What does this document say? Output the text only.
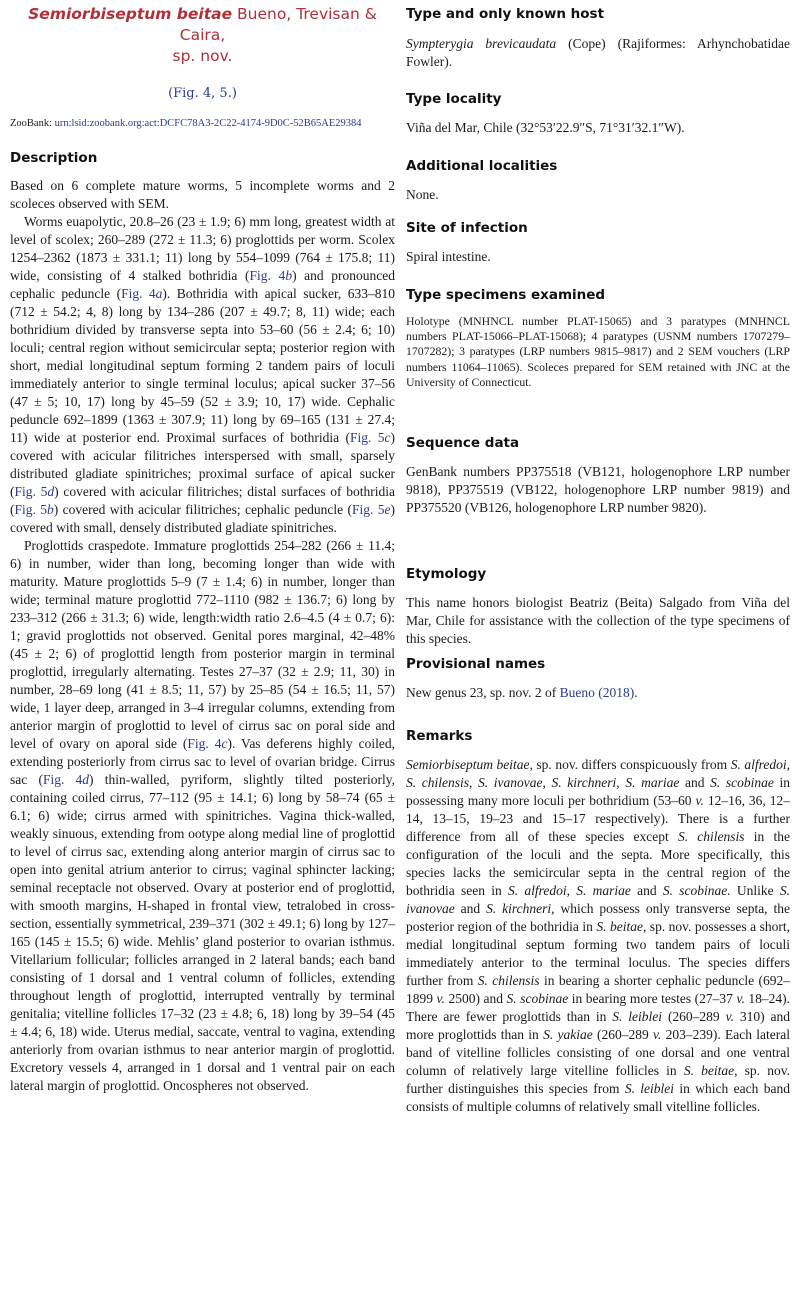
Semiorbiseptum beitae Bueno, Trevisan & Caira,
sp. nov.
(Fig. 4, 5.)
ZooBank: urn:lsid:zoobank.org:act:DCFC78A3-2C22-4174-9D0C-52B65AE29384
Description

Based on 6 complete mature worms, 5 incomplete worms and 2 scoleces observed with SEM.

Worms euapolytic, 20.8–26 (23 ± 1.9; 6) mm long, greatest width at level of scolex; 260–289 (272 ± 11.3; 6) proglottids per worm. Scolex 1254–2362 (1873 ± 331.1; 11) long by 554–1099 (764 ± 175.8; 11) wide, consisting of 4 stalked bothridia (Fig. 4b) and pronounced cephalic peduncle (Fig. 4a). Bothridia with apical sucker, 633–810 (712 ± 54.2; 4, 8) long by 134–286 (207 ± 49.7; 8, 11) wide; each bothridium divided by transverse septa into 53–60 (56 ± 2.4; 6; 10) loculi; central region without semicircular septa; posterior region with short, medial longitudinal septum forming 2 tandem pairs of loculi immediately anterior to single terminal loculus; apical sucker 37–56 (47 ± 5; 10, 17) long by 45–59 (52 ± 3.9; 10, 17) wide. Cephalic peduncle 692–1899 (1363 ± 307.9; 11) long by 69–165 (131 ± 27.4; 11) wide at posterior end. Proximal surfaces of bothridia (Fig. 5c) covered with acicular filitriches interspersed with small, sparsely distributed gladiate spinitriches; proximal surface of apical sucker (Fig. 5d) covered with acicular filitriches; distal surfaces of bothridia (Fig. 5b) covered with acicular filitriches; cephalic peduncle (Fig. 5e) covered with small, densely distributed gladiate spinitriches.

Proglottids craspedote. Immature proglottids 254–282 (266 ± 11.4; 6) in number, wider than long, becoming longer than wide with maturity. Mature proglottids 5–9 (7 ± 1.4; 6) in number, longer than wide; terminal mature proglottid 772–1110 (982 ± 136.7; 6) long by 233–312 (266 ± 31.3; 6) wide, length:width ratio 2.6–4.5 (4 ± 0.7; 6): 1; gravid proglottids not observed. Genital pores marginal, 42–48% (45 ± 2; 6) of proglottid length from posterior margin in terminal proglottid, irregularly alternating. Testes 27–37 (32 ± 2.9; 11, 30) in number, 28–69 long (41 ± 8.5; 11, 57) by 25–85 (54 ± 16.5; 11, 57) wide, 1 layer deep, arranged in 3–4 irregular columns, extending from anterior margin of proglottid to level of cirrus sac on poral side and level of ovary on aporal side (Fig. 4c). Vas deferens highly coiled, extending posteriorly from cirrus sac to level of ovarian bridge. Cirrus sac (Fig. 4d) thin-walled, pyriform, slightly tilted posteriorly, containing coiled cirrus, 77–112 (95 ± 14.1; 6) long by 58–74 (65 ± 6.1; 6) wide; cirrus armed with spinitriches. Vagina thick-walled, weakly sinuous, extending from ootype along medial line of proglottid to level of cirrus sac, extending along anterior margin of cirrus sac to open into genital atrium anterior to cirrus; vaginal sphincter lacking; seminal receptacle not observed. Ovary at posterior end of proglottid, with smooth margins, H-shaped in frontal view, tetralobed in cross-section, essentially symmetrical, 239–371 (302 ± 49.1; 6) long by 127–165 (145 ± 15.5; 6) wide. Mehlis’ gland posterior to ovarian isthmus. Vitellarium follicular; follicles arranged in 2 lateral bands; each band consisting of 1 dorsal and 1 ventral column of follicles, extending throughout length of proglottid, interrupted ventrally by terminal genitalia; vitelline follicles 17–32 (23 ± 4.8; 6, 18) long by 39–54 (45 ± 4.4; 6, 18) wide. Uterus medial, saccate, ventral to vagina, extending anteriorly from ovarian isthmus to near anterior margin of proglottid. Excretory vessels 4, arranged in 1 dorsal and 1 ventral pair on each lateral margin of proglottid. Oncospheres not observed.

Type and only known host

Sympterygia brevicaudata (Cope) (Rajiformes: Arhynchobatidae Fowler).

Type locality

Viña del Mar, Chile (32°53′22.9″S, 71°31′32.1″W).

Additional localities

None.

Site of infection

Spiral intestine.

Type specimens examined

Holotype (MNHNCL number PLAT-15065) and 3 paratypes (MNHNCL numbers PLAT-15066–PLAT-15068); 4 paratypes (USNM numbers 1707279–1707282); 3 paratypes (LRP numbers 9815–9817) and 2 SEM vouchers (LRP numbers 11064–11065). Scoleces prepared for SEM retained with JNC at the University of Connecticut.

Sequence data

GenBank numbers PP375518 (VB121, hologenophore LRP number 9818), PP375519 (VB122, hologenophore LRP number 9819) and PP375520 (VB126, hologenophore LRP number 9820).

Etymology

This name honors biologist Beatriz (Beita) Salgado from Viña del Mar, Chile for assistance with the collection of the type specimens of this species.

Provisional names

New genus 23, sp. nov. 2 of Bueno (2018).

Remarks

Semiorbiseptum beitae, sp. nov. differs conspicuously from S. alfredoi, S. chilensis, S. ivanovae, S. kirchneri, S. mariae and S. scobinae in possessing many more loculi per bothridium (53–60 v. 12–16, 36, 12–14, 13–15, 19–23 and 15–17 respectively). There is a further difference from all of these species except S. chilensis in the configuration of the loculi and the septa. More specifically, this species lacks the semicircular septa in the central region of the bothridia seen in S. alfredoi, S. mariae and S. scobinae. Unlike S. ivanovae and S. kirchneri, which possess only transverse septa, the posterior region of the bothridia in S. beitae, sp. nov. possesses a short, medial longitudinal septum forming two tandem pairs of loculi immediately anterior to the terminal loculus. The species differs further from S. chilensis in bearing a shorter cephalic peduncle (692–1899 v. 2500) and S. scobinae in bearing more testes (27–37 v. 18–24). There are fewer proglottids than in S. leiblei (260–289 v. 310) and more proglottids than in S. yakiae (260–289 v. 203–239). Each lateral band of vitelline follicles consisting of one dorsal and one ventral column of relatively large vitelline follicles in S. beitae, sp. nov. further distinguishes this species from S. leiblei in which each band consists of multiple columns of relatively small vitelline follicles.
